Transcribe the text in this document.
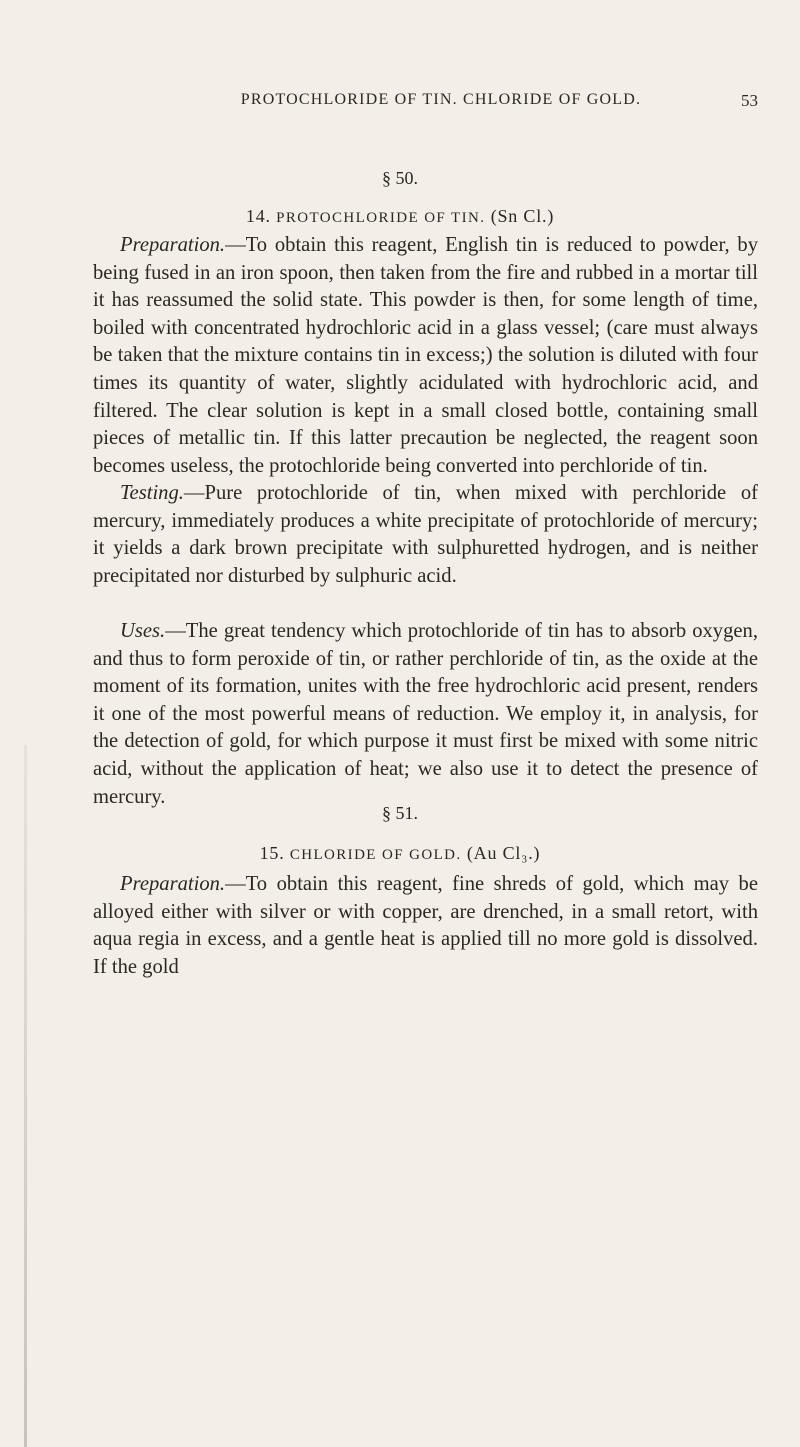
PROTOCHLORIDE OF TIN. CHLORIDE OF GOLD.	53
§ 50.
14. PROTOCHLORIDE OF TIN. (Sn Cl.)

Preparation.—To obtain this reagent, English tin is reduced to powder, by being fused in an iron spoon, then taken from the fire and rubbed in a mortar till it has reassumed the solid state. This powder is then, for some length of time, boiled with concentrated hydrochloric acid in a glass vessel; (care must always be taken that the mixture contains tin in excess;) the solution is diluted with four times its quantity of water, slightly acidulated with hydrochloric acid, and filtered. The clear solution is kept in a small closed bottle, containing small pieces of metallic tin. If this latter precaution be neglected, the reagent soon becomes useless, the protochloride being converted into perchloride of tin.

Testing.—Pure protochloride of tin, when mixed with perchloride of mercury, immediately produces a white precipitate of protochloride of mercury; it yields a dark brown precipitate with sulphuretted hydrogen, and is neither precipitated nor disturbed by sulphuric acid.

Uses.—The great tendency which protochloride of tin has to absorb oxygen, and thus to form peroxide of tin, or rather perchloride of tin, as the oxide at the moment of its formation, unites with the free hydrochloric acid present, renders it one of the most powerful means of reduction. We employ it, in analysis, for the detection of gold, for which purpose it must first be mixed with some nitric acid, without the application of heat; we also use it to detect the presence of mercury.

§ 51.
15. CHLORIDE OF GOLD. (Au Cl₃.)

Preparation.—To obtain this reagent, fine shreds of gold, which may be alloyed either with silver or with copper, are drenched, in a small retort, with aqua regia in excess, and a gentle heat is applied till no more gold is dissolved. If the gold
